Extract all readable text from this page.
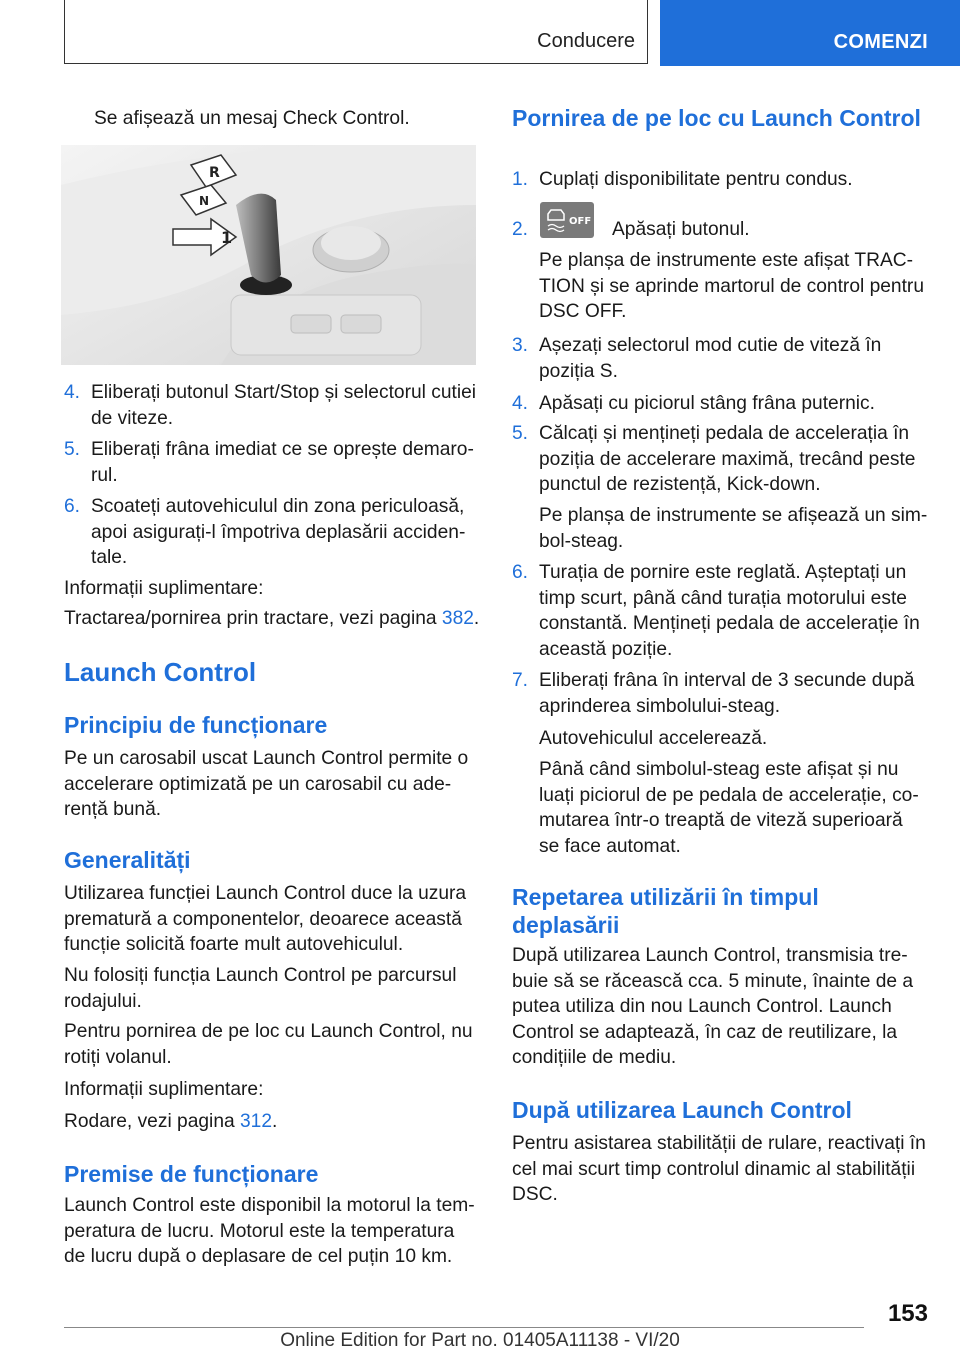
Conducere	COMENZI

Se afișează un mesaj Check Control.

R
N
1
4. Eliberați butonul Start/Stop și selectorul cutiei de viteze.
5. Eliberați frâna imediat ce se oprește demarorul.
6. Scoateți autovehiculul din zona periculoasă, apoi asigurați-l împotriva deplasării accidentale.

Informații suplimentare:

Tractarea/pornirea prin tractare, vezi pagina 382.

Launch Control
Principiu de funcționare

Pe un carosabil uscat Launch Control permite o accelerare optimizată pe un carosabil cu aderență bună.

Generalități

Utilizarea funcției Launch Control duce la uzura prematură a componentelor, deoarece această funcție solicită foarte mult autovehiculul.

Nu folosiți funcția Launch Control pe parcursul rodajului.

Pentru pornirea de pe loc cu Launch Control, nu rotiți volanul.

Informații suplimentare:

Rodare, vezi pagina 312.

Premise de funcționare

Launch Control este disponibil la motorul la temperatura de lucru. Motorul este la temperatura de lucru după o deplasare de cel puțin 10 km.

Pornirea de pe loc cu Launch Control
1. Cuplați disponibilitate pentru condus.
2.	OFF Apăsați butonul.

Pe planșa de instrumente este afișat TRACTION și se aprinde martorul de control pentru DSC OFF.

3. Așezați selectorul mod cutie de viteză în poziția S.
4. Apăsați cu piciorul stâng frâna puternic.
5. Călcați și mențineți pedala de accelerația în poziția de accelerare maximă, trecând peste punctul de rezistență, Kick-down.

Pe planșa de instrumente se afișează un simbol-steag.

6. Turația de pornire este reglată. Așteptați un timp scurt, până când turația motorului este constantă. Mențineți pedala de accelerație în această poziție.
7. Eliberați frâna în interval de 3 secunde după aprinderea simbolului-steag.

Autovehiculul accelerează.

Până când simbolul-steag este afișat și nu luați piciorul de pe pedala de accelerație, comutarea într-o treaptă de viteză superioară se face automat.

Repetarea utilizării în timpul deplasării

După utilizarea Launch Control, transmisia trebuie să se răcească cca. 5 minute, înainte de a putea utiliza din nou Launch Control. Launch Control se adaptează, în caz de reutilizare, la condițiile de mediu.

După utilizarea Launch Control

Pentru asistarea stabilității de rulare, reactivați în cel mai scurt timp controlul dinamic al stabilității DSC.

153
Online Edition for Part no. 01405A11138 - VI/20
